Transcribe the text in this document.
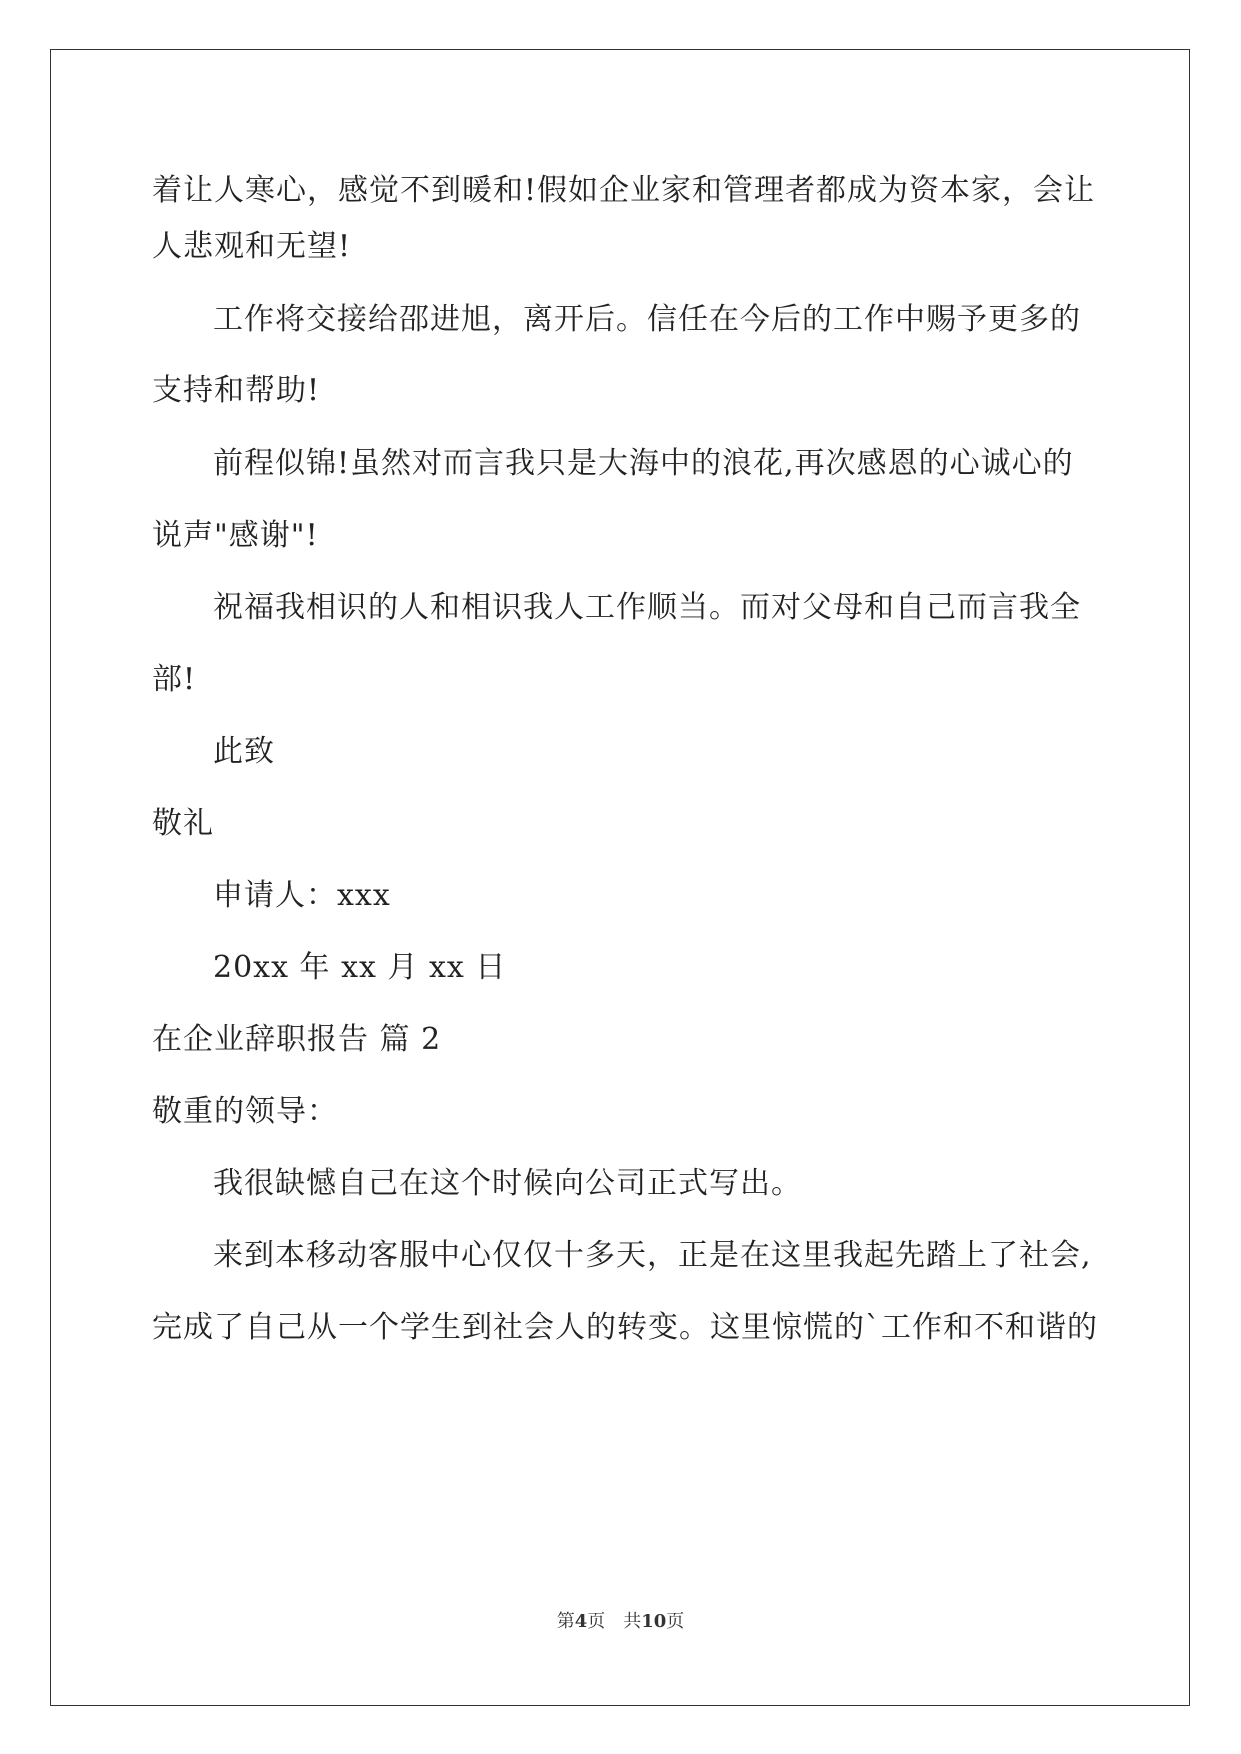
着让人寒心，感觉不到暖和!假如企业家和管理者都成为资本家，会让
人悲观和无望!
工作将交接给邵进旭，离开后。信任在今后的工作中赐予更多的
支持和帮助!
前程似锦!虽然对而言我只是大海中的浪花,再次感恩的心诚心的
说声"感谢"!
祝福我相识的人和相识我人工作顺当。而对父母和自己而言我全
部!
此致
敬礼
申请人：xxx
20xx 年 xx 月 xx 日
在企业辞职报告 篇 2
敬重的领导：
我很缺憾自己在这个时候向公司正式写出。
来到本移动客服中心仅仅十多天，正是在这里我起先踏上了社会,
完成了自己从一个学生到社会人的转变。这里惊慌的`工作和不和谐的
第4页 共10页
